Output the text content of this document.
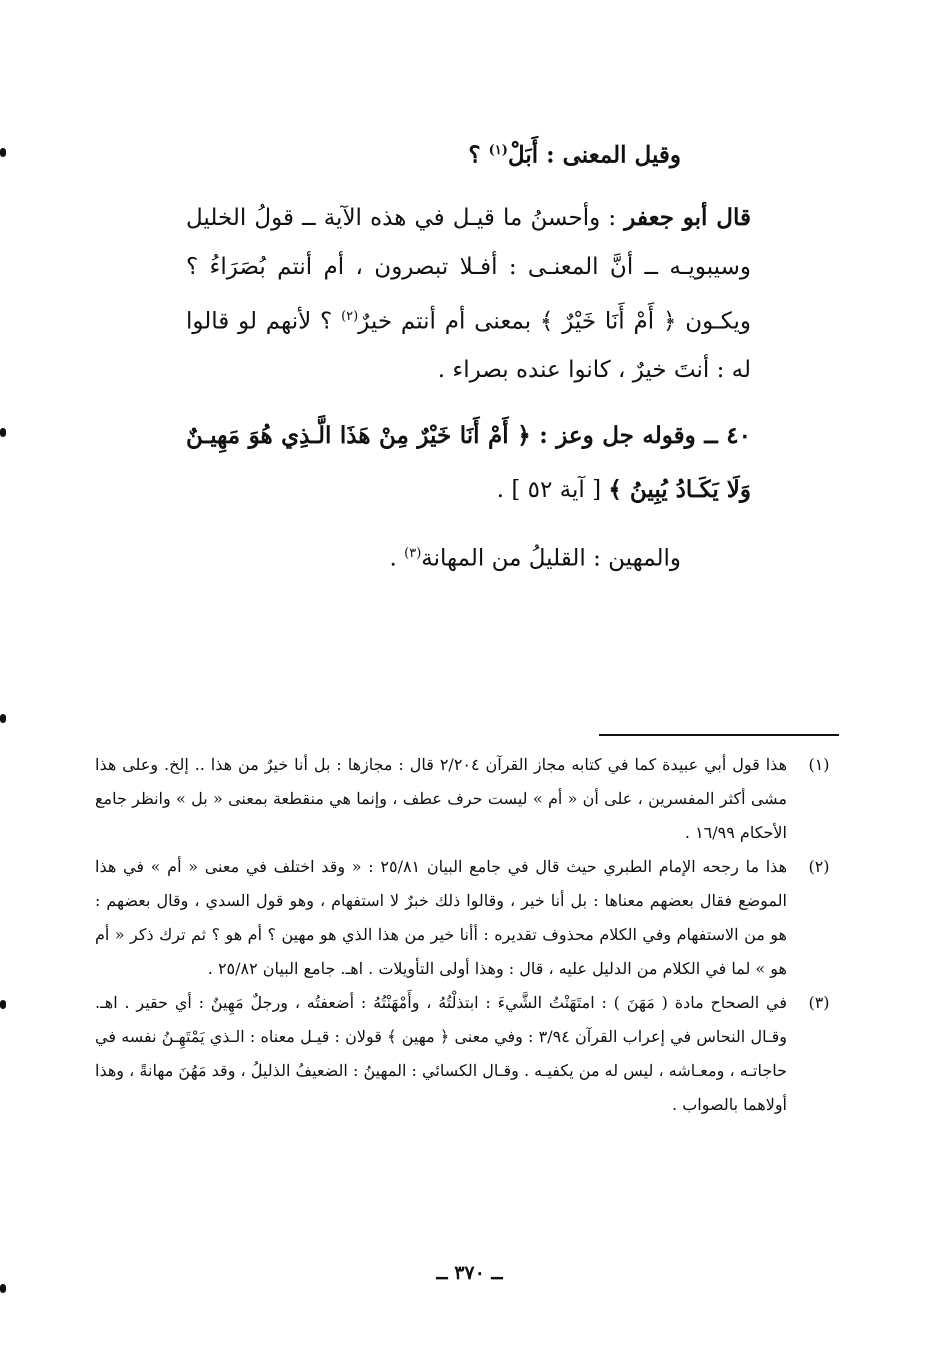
وقيل المعنى : أَبَلْ$^{(١)}$ ؟

قال أبو جعفر : وأحسنُ ما قيـل في هذه الآية ــ قولُ الخليل وسيبويـه ــ أنَّ المعنـى : أفـلا تبصرون ، أم أنتم بُصَرَاءُ ؟ ويكـون ﴿ أَمْ أَنَا خَيْرٌ ﴾ بمعنى أم أنتم خيرٌ$^{(٢)}$ ؟ لأنهم لو قالوا له : أنتَ خيرٌ ، كانوا عنده بصراء .

٤٠ ــ وقوله جل وعز : ﴿ أَمْ أَنَا خَيْرٌ مِنْ هَذَا الَّـذِي هُوَ مَهِيـنٌ وَلَا يَكَـادُ يُبِينُ ﴾ [ آية ٥٢ ] .

والمهين : القليلُ من المهانة$^{(٣)}$ .

(١)
هذا قول أبي عبيدة كما في كتابه مجاز القرآن ٢/٢٠٤ قال : مجازها : بل أنا خيرٌ من هذا .. إلخ. وعلى هذا مشى أكثر المفسرين ، على أن « أم » ليست حرف عطف ، وإنما هي منقطعة بمعنى « بل » وانظر جامع الأحكام ١٦/٩٩ .
(٢)
هذا ما رجحه الإمام الطبري حيث قال في جامع البيان ٢٥/٨١ : « وقد اختلف في معنى « أم » في هذا الموضع فقال بعضهم معناها : بل أنا خير ، وقالوا ذلك خبرٌ لا استفهام ، وهو قول السدي ، وقال بعضهم : هو من الاستفهام وفي الكلام محذوف تقديره : أأنا خير من هذا الذي هو مهين ؟ أم هو ؟ ثم ترك ذكر « أم هو » لما في الكلام من الدليل عليه ، قال : وهذا أولى التأويلات . اهـ. جامع البيان ٢٥/٨٢ .
(٣)
في الصحاح مادة ( مَهَنَ ) : امتَهَنْتُ الشَّيءَ : ابتذلْتُهُ ، وأَمْهَنْتُهُ : أضعفتُه ، ورجلٌ مَهِينٌ : أي حقير . اهـ. وقـال النحاس في إعراب القرآن ٣/٩٤ : وفي معنى ﴿ مهين ﴾ قولان : قيـل معناه : الـذي يَمْتَهِـنُ نفسه في حاجاتـه ، ومعـاشه ، ليس له من يكفيـه . وقـال الكسائي : المهينُ : الضعيفُ الذليلُ ، وقد مَهُنَ مهانةً ، وهذا أولاهما بالصواب .
ــ ٣٧٠ ــ
